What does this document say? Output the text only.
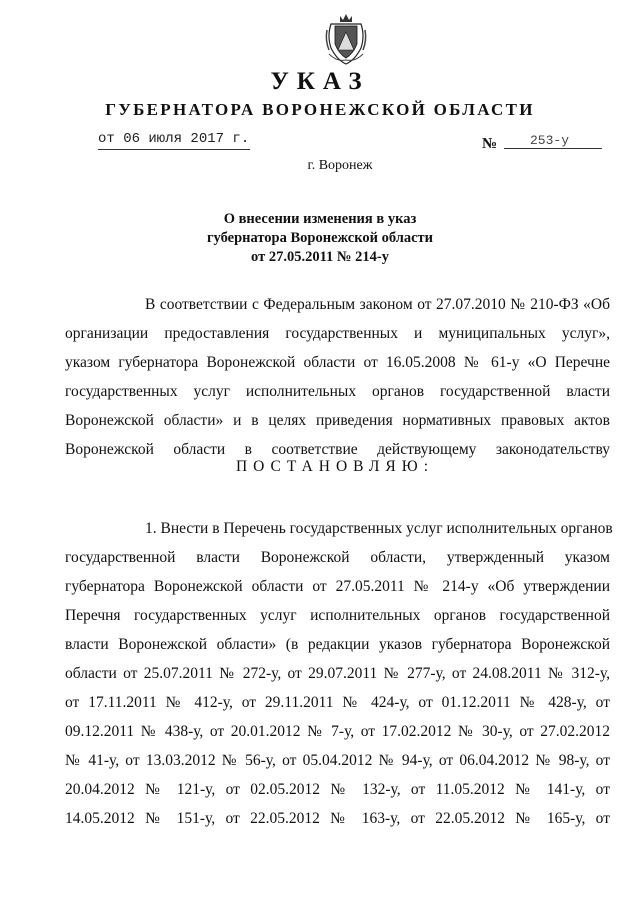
УКАЗ
ГУБЕРНАТОРА ВОРОНЕЖСКОЙ ОБЛАСТИ
от 06 июля 2017 г.	№	253-у
г. Воронеж
О внесении изменения в указ
губернатора Воронежской области
от 27.05.2011 № 214-у
В соответствии с Федеральным законом от 27.07.2010 № 210-ФЗ «Об
организации предоставления государственных и муниципальных услуг»,
указом губернатора Воронежской области от 16.05.2008 № 61-у «О Перечне
государственных услуг исполнительных органов государственной власти
Воронежской области» и в целях приведения нормативных правовых актов
Воронежской области в соответствие действующему законодательству
ПОСТАНОВЛЯЮ:
1. Внести в Перечень государственных услуг исполнительных органов
государственной власти Воронежской области, утвержденный указом
губернатора Воронежской области от 27.05.2011 № 214-у «Об утверждении
Перечня государственных услуг исполнительных органов государственной
власти Воронежской области» (в редакции указов губернатора Воронежской
области от 25.07.2011 № 272-у, от 29.07.2011 № 277-у, от 24.08.2011 № 312-у,
от 17.11.2011 № 412-у, от 29.11.2011 № 424-у, от 01.12.2011 № 428-у, от
09.12.2011 № 438-у, от 20.01.2012 № 7-у, от 17.02.2012 № 30-у, от 27.02.2012
№ 41-у, от 13.03.2012 № 56-у, от 05.04.2012 № 94-у, от 06.04.2012 № 98-у, от
20.04.2012 № 121-у, от 02.05.2012 № 132-у, от 11.05.2012 № 141-у, от
14.05.2012 № 151-у, от 22.05.2012 № 163-у, от 22.05.2012 № 165-у, от
